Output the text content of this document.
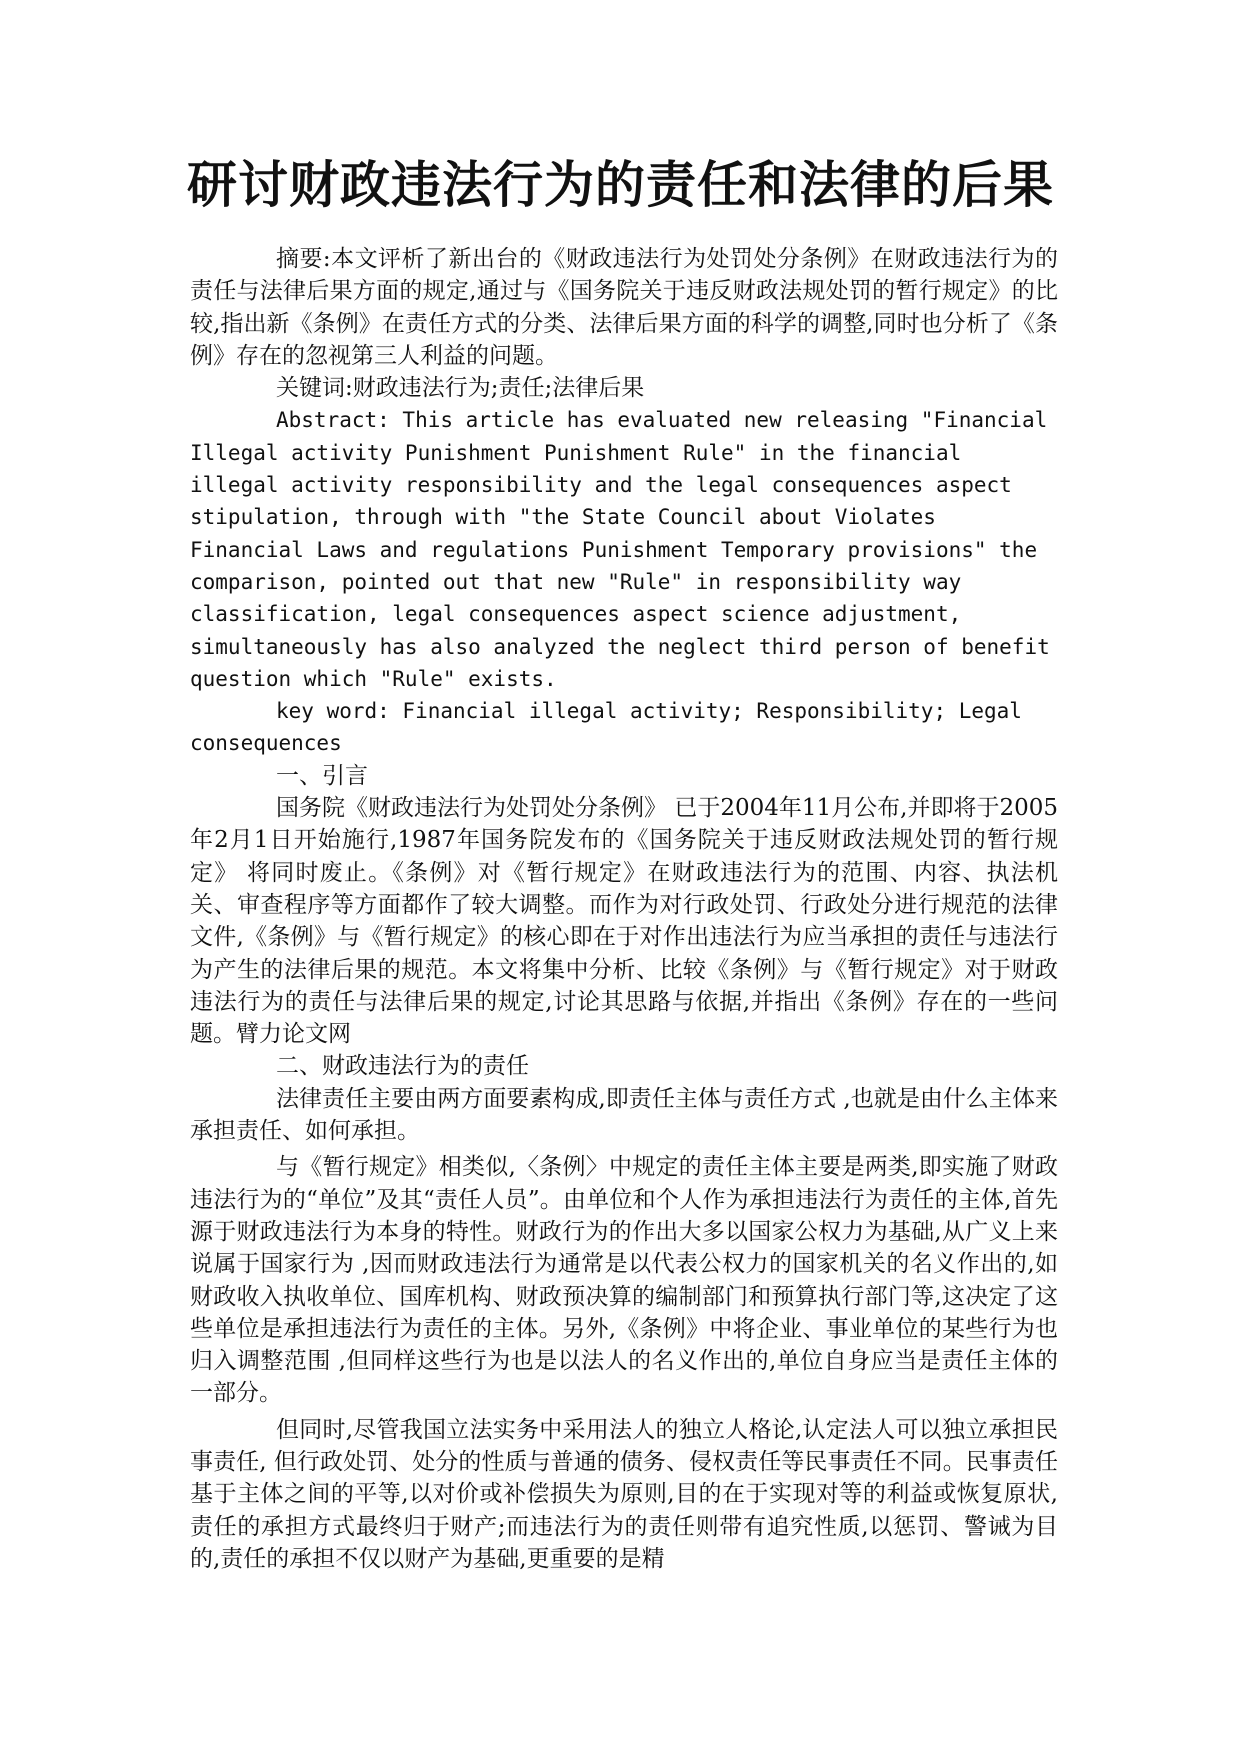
研讨财政违法行为的责任和法律的后果

摘要:本文评析了新出台的《财政违法行为处罚处分条例》在财政违法行为的责任与法律后果方面的规定,通过与《国务院关于违反财政法规处罚的暂行规定》的比较,指出新《条例》在责任方式的分类、法律后果方面的科学的调整,同时也分析了《条例》存在的忽视第三人利益的问题。

关键词:财政违法行为;责任;法律后果

Abstract: This article has evaluated new releasing "Financial Illegal activity Punishment Punishment Rule" in the financial illegal activity responsibility and the legal consequences aspect stipulation, through with "the State Council about Violates Financial Laws and regulations Punishment Temporary provisions" the comparison, pointed out that new "Rule" in responsibility way classification, legal consequences aspect science adjustment, simultaneously has also analyzed the neglect third person of benefit question which "Rule" exists.

key word: Financial illegal activity; Responsibility; Legal consequences

一、引言

国务院《财政违法行为处罚处分条例》 已于2004年11月公布,并即将于2005年2月1日开始施行,1987年国务院发布的《国务院关于违反财政法规处罚的暂行规定》 将同时废止。《条例》对《暂行规定》在财政违法行为的范围、内容、执法机关、审查程序等方面都作了较大调整。而作为对行政处罚、行政处分进行规范的法律文件,《条例》与《暂行规定》的核心即在于对作出违法行为应当承担的责任与违法行为产生的法律后果的规范。本文将集中分析、比较《条例》与《暂行规定》对于财政违法行为的责任与法律后果的规定,讨论其思路与依据,并指出《条例》存在的一些问题。臂力论文网

二、财政违法行为的责任

法律责任主要由两方面要素构成,即责任主体与责任方式 ,也就是由什么主体来承担责任、如何承担。

与《暂行规定》相类似,〈条例〉中规定的责任主体主要是两类,即实施了财政违法行为的“单位”及其“责任人员”。由单位和个人作为承担违法行为责任的主体,首先源于财政违法行为本身的特性。财政行为的作出大多以国家公权力为基础,从广义上来说属于国家行为 ,因而财政违法行为通常是以代表公权力的国家机关的名义作出的,如财政收入执收单位、国库机构、财政预决算的编制部门和预算执行部门等,这决定了这些单位是承担违法行为责任的主体。另外,《条例》中将企业、事业单位的某些行为也归入调整范围 ,但同样这些行为也是以法人的名义作出的,单位自身应当是责任主体的一部分。

但同时,尽管我国立法实务中采用法人的独立人格论,认定法人可以独立承担民事责任, 但行政处罚、处分的性质与普通的债务、侵权责任等民事责任不同。民事责任基于主体之间的平等,以对价或补偿损失为原则,目的在于实现对等的利益或恢复原状,责任的承担方式最终归于财产;而违法行为的责任则带有追究性质,以惩罚、警诫为目的,责任的承担不仅以财产为基础,更重要的是精
